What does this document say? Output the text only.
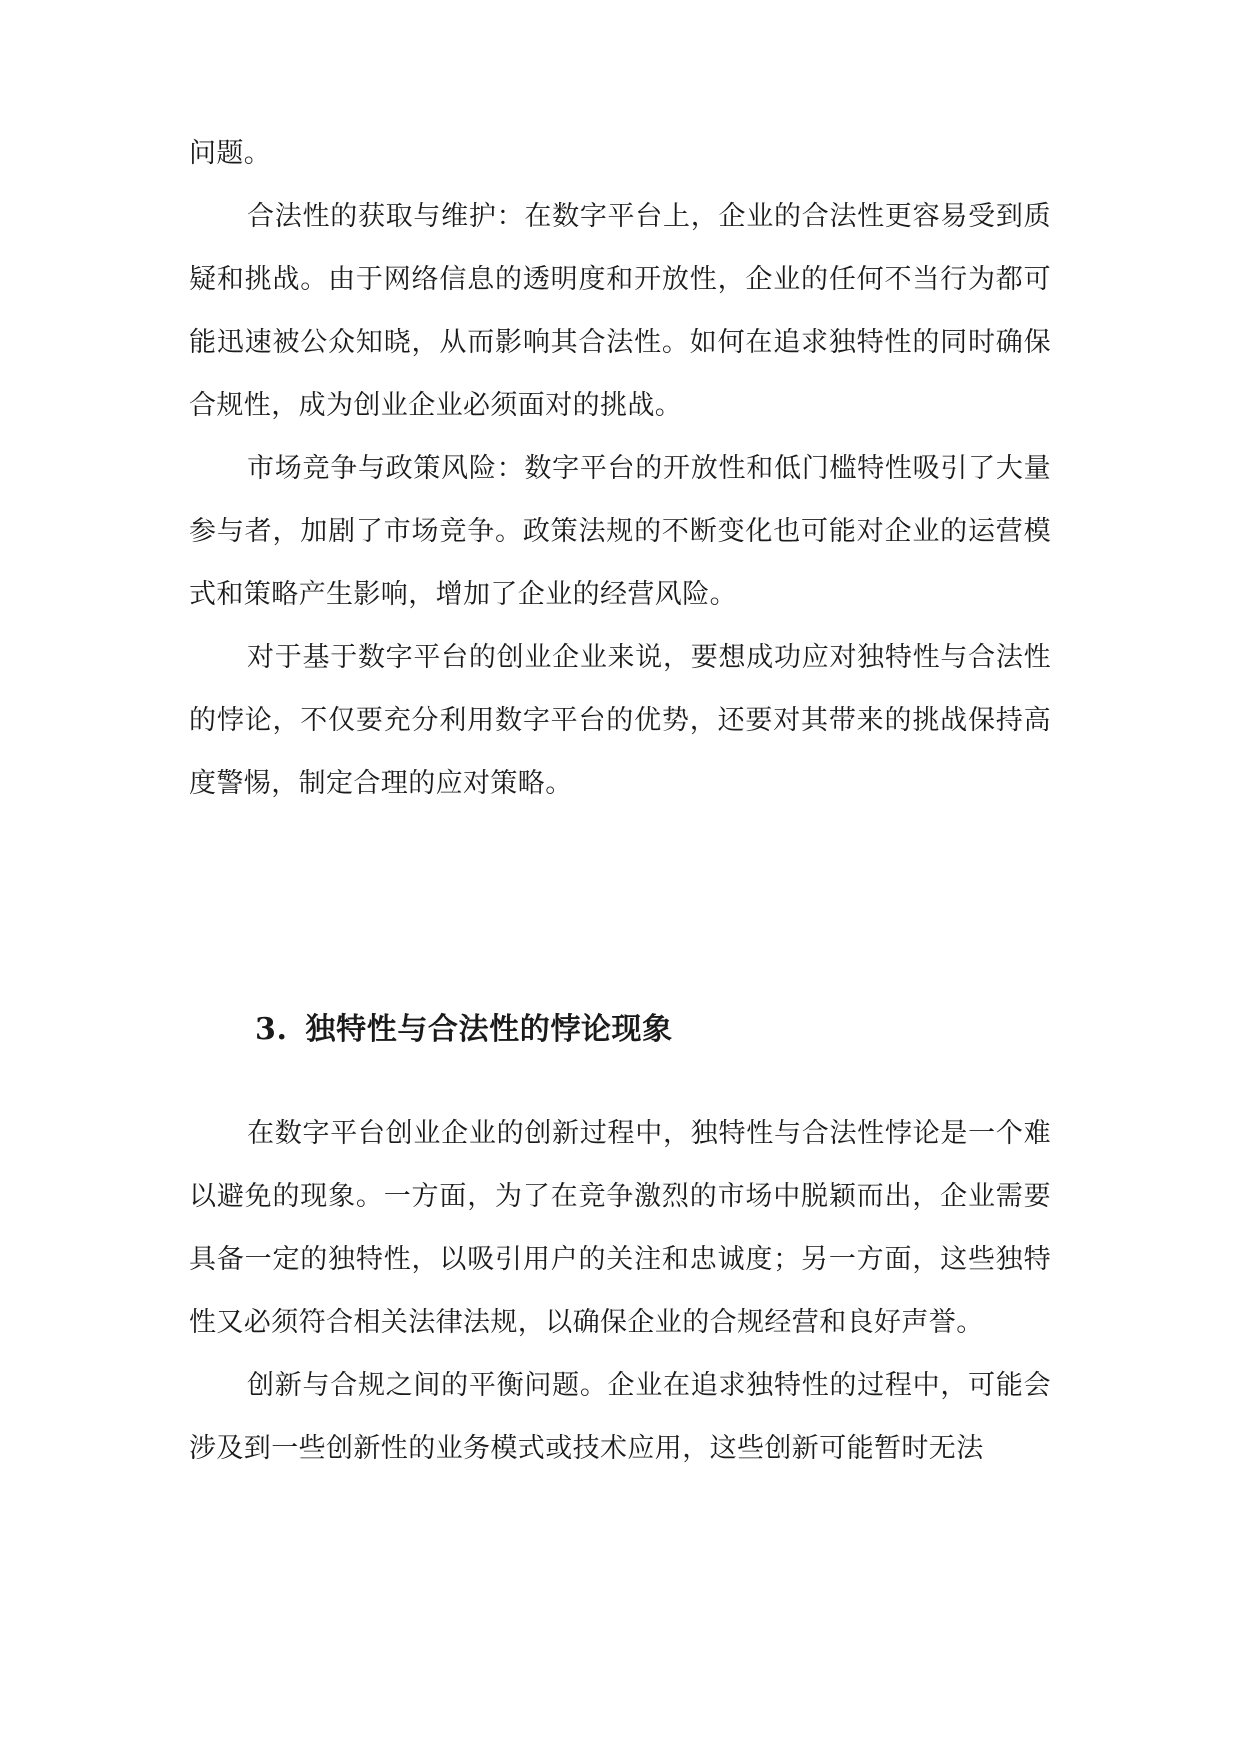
问题。

合法性的获取与维护：在数字平台上，企业的合法性更容易受到质疑和挑战。由于网络信息的透明度和开放性，企业的任何不当行为都可能迅速被公众知晓，从而影响其合法性。如何在追求独特性的同时确保合规性，成为创业企业必须面对的挑战。

市场竞争与政策风险：数字平台的开放性和低门槛特性吸引了大量参与者，加剧了市场竞争。政策法规的不断变化也可能对企业的运营模式和策略产生影响，增加了企业的经营风险。

对于基于数字平台的创业企业来说，要想成功应对独特性与合法性的悖论，不仅要充分利用数字平台的优势，还要对其带来的挑战保持高度警惕，制定合理的应对策略。

3. 独特性与合法性的悖论现象

在数字平台创业企业的创新过程中，独特性与合法性悖论是一个难以避免的现象。一方面，为了在竞争激烈的市场中脱颖而出，企业需要具备一定的独特性，以吸引用户的关注和忠诚度；另一方面，这些独特性又必须符合相关法律法规，以确保企业的合规经营和良好声誉。

创新与合规之间的平衡问题。企业在追求独特性的过程中，可能会涉及到一些创新性的业务模式或技术应用，这些创新可能暂时无法
